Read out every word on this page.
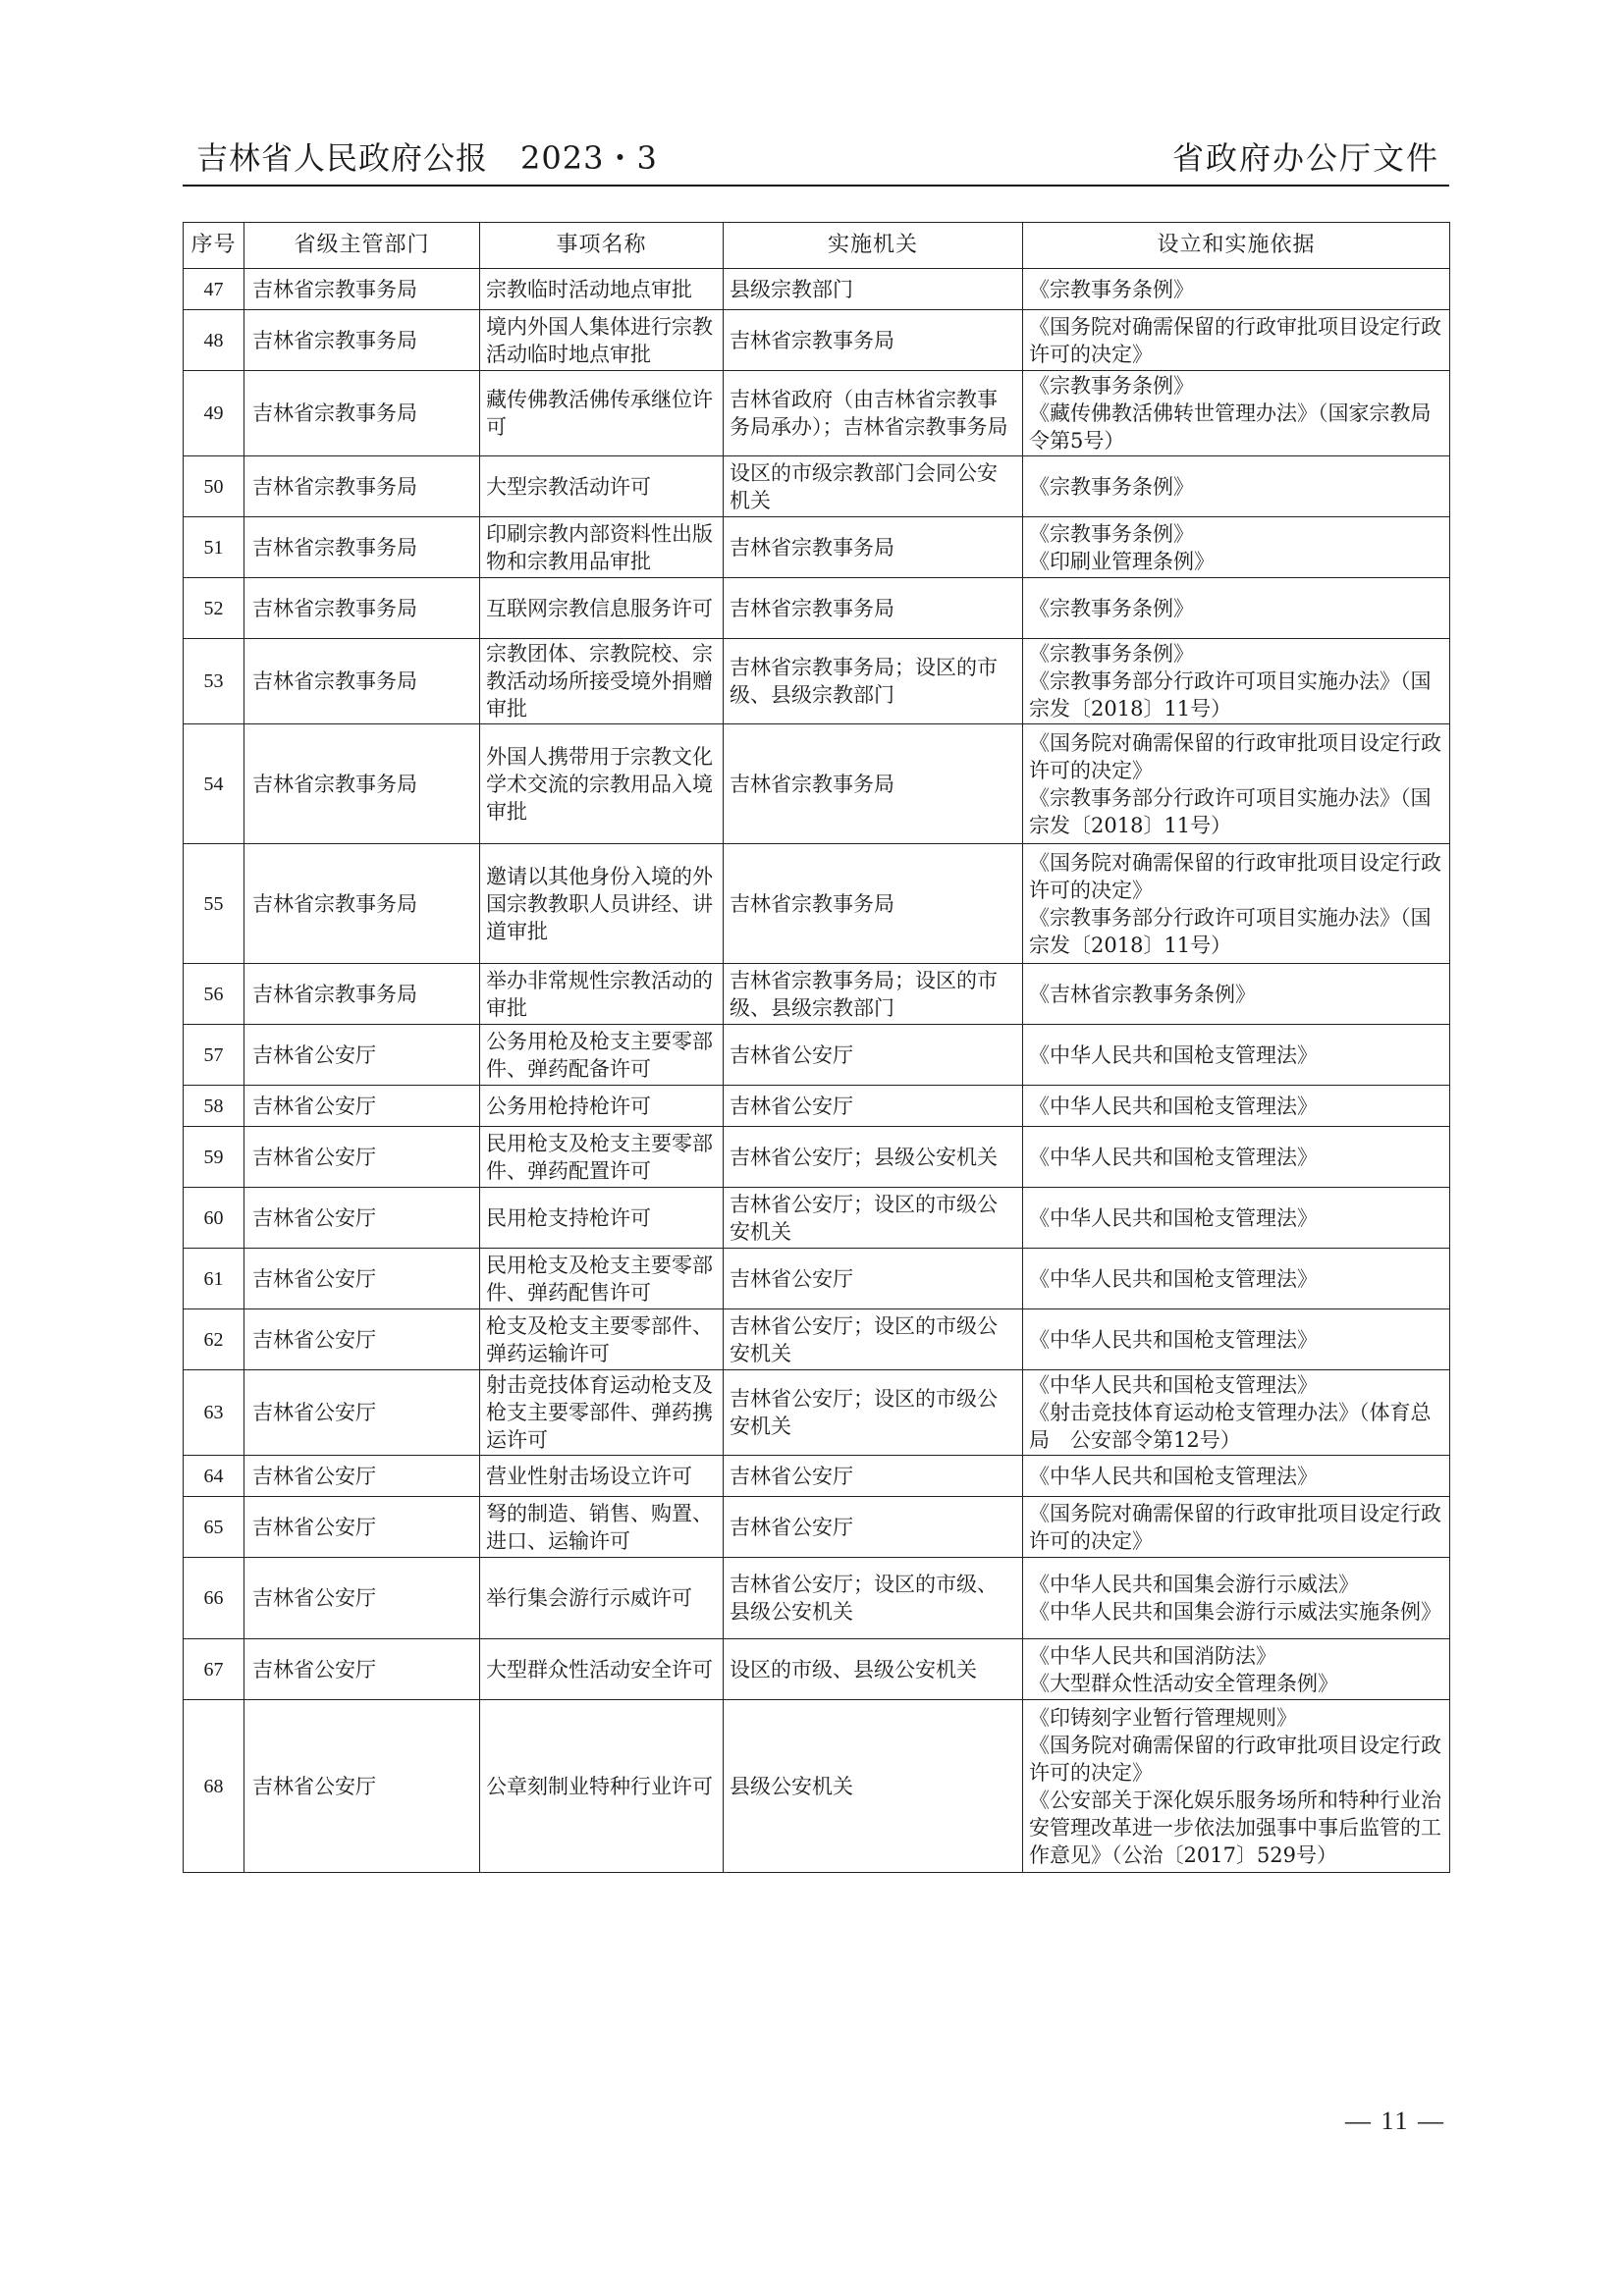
吉林省人民政府公报　2023・3	省政府办公厅文件
序号	省级主管部门	事项名称	实施机关	设立和实施依据
47	吉林省宗教事务局	宗教临时活动地点审批	县级宗教部门	《宗教事务条例》

48	吉林省宗教事务局	境内外国人集体进行宗教活动临时地点审批	吉林省宗教事务局	《国务院对确需保留的行政审批项目设定行政许可的决定》

49	吉林省宗教事务局	藏传佛教活佛传承继位许可	吉林省政府（由吉林省宗教事务局承办）；吉林省宗教事务局	《宗教事务条例》
《藏传佛教活佛转世管理办法》（国家宗教局令第5号）

50	吉林省宗教事务局	大型宗教活动许可	设区的市级宗教部门会同公安机关	《宗教事务条例》

51	吉林省宗教事务局	印刷宗教内部资料性出版物和宗教用品审批	吉林省宗教事务局	《宗教事务条例》
《印刷业管理条例》

52	吉林省宗教事务局	互联网宗教信息服务许可	吉林省宗教事务局	《宗教事务条例》

53	吉林省宗教事务局	宗教团体、宗教院校、宗教活动场所接受境外捐赠审批	吉林省宗教事务局；设区的市级、县级宗教部门	《宗教事务条例》
《宗教事务部分行政许可项目实施办法》（国宗发〔2018〕11号）

54	吉林省宗教事务局	外国人携带用于宗教文化学术交流的宗教用品入境审批	吉林省宗教事务局	《国务院对确需保留的行政审批项目设定行政许可的决定》
《宗教事务部分行政许可项目实施办法》（国宗发〔2018〕11号）

55	吉林省宗教事务局	邀请以其他身份入境的外国宗教教职人员讲经、讲道审批	吉林省宗教事务局	《国务院对确需保留的行政审批项目设定行政许可的决定》
《宗教事务部分行政许可项目实施办法》（国宗发〔2018〕11号）

56	吉林省宗教事务局	举办非常规性宗教活动的审批	吉林省宗教事务局；设区的市级、县级宗教部门	《吉林省宗教事务条例》

57	吉林省公安厅	公务用枪及枪支主要零部件、弹药配备许可	吉林省公安厅	《中华人民共和国枪支管理法》

58	吉林省公安厅	公务用枪持枪许可	吉林省公安厅	《中华人民共和国枪支管理法》

59	吉林省公安厅	民用枪支及枪支主要零部件、弹药配置许可	吉林省公安厅；县级公安机关	《中华人民共和国枪支管理法》

60	吉林省公安厅	民用枪支持枪许可	吉林省公安厅；设区的市级公安机关	《中华人民共和国枪支管理法》

61	吉林省公安厅	民用枪支及枪支主要零部件、弹药配售许可	吉林省公安厅	《中华人民共和国枪支管理法》

62	吉林省公安厅	枪支及枪支主要零部件、弹药运输许可	吉林省公安厅；设区的市级公安机关	《中华人民共和国枪支管理法》

63	吉林省公安厅	射击竞技体育运动枪支及枪支主要零部件、弹药携运许可	吉林省公安厅；设区的市级公安机关	《中华人民共和国枪支管理法》
《射击竞技体育运动枪支管理办法》（体育总局　公安部令第12号）

64	吉林省公安厅	营业性射击场设立许可	吉林省公安厅	《中华人民共和国枪支管理法》

65	吉林省公安厅	弩的制造、销售、购置、进口、运输许可	吉林省公安厅	《国务院对确需保留的行政审批项目设定行政许可的决定》

66	吉林省公安厅	举行集会游行示威许可	吉林省公安厅；设区的市级、县级公安机关	《中华人民共和国集会游行示威法》
《中华人民共和国集会游行示威法实施条例》

67	吉林省公安厅	大型群众性活动安全许可	设区的市级、县级公安机关	《中华人民共和国消防法》
《大型群众性活动安全管理条例》

68	吉林省公安厅	公章刻制业特种行业许可	县级公安机关	《印铸刻字业暂行管理规则》
《国务院对确需保留的行政审批项目设定行政许可的决定》
《公安部关于深化娱乐服务场所和特种行业治安管理改革进一步依法加强事中事后监管的工作意见》（公治〔2017〕529号）
— 11 —
